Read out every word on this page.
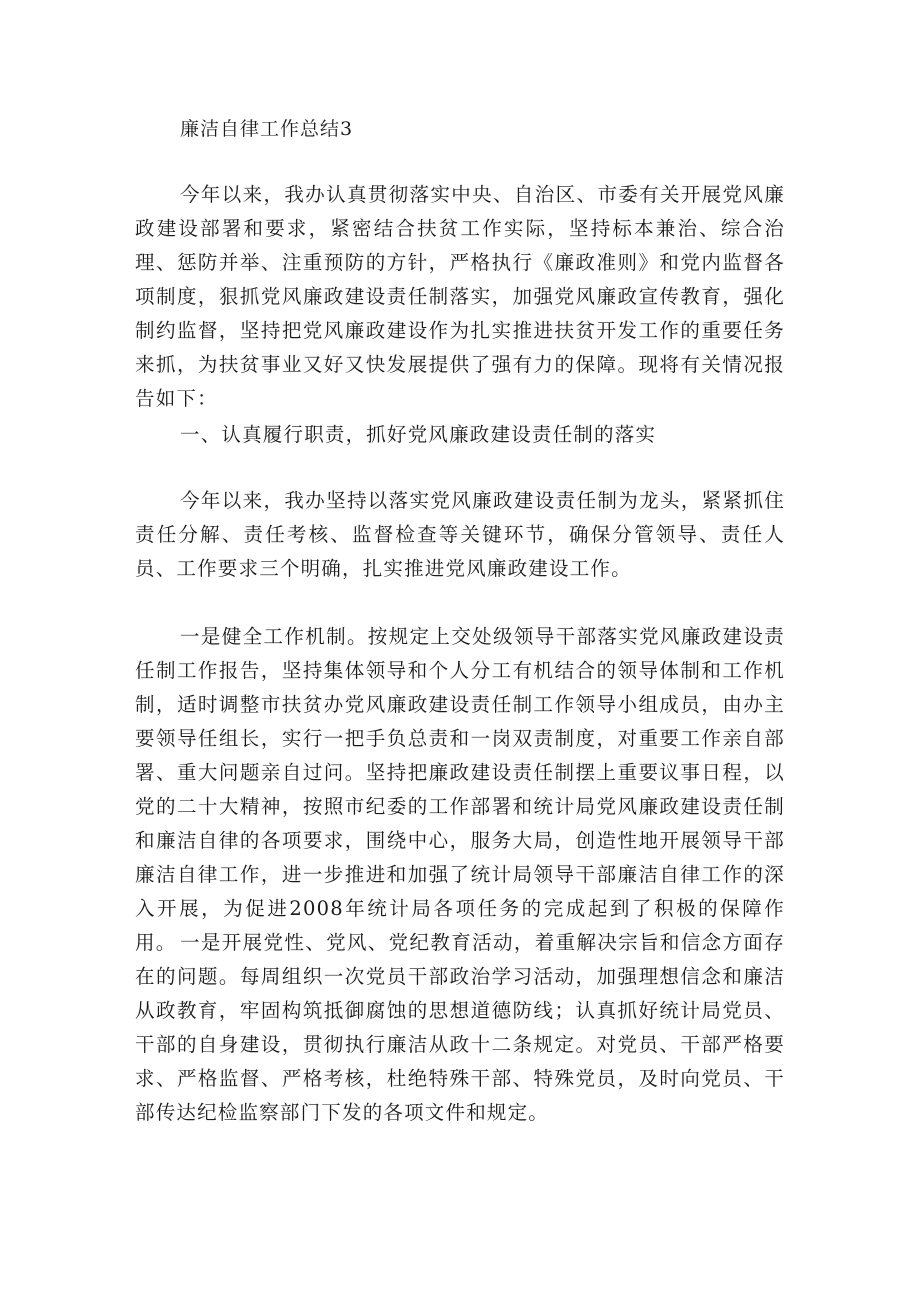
廉洁自律工作总结3

今年以来，我办认真贯彻落实中央、自治区、市委有关开展党风廉政建设部署和要求，紧密结合扶贫工作实际，坚持标本兼治、综合治理、惩防并举、注重预防的方针，严格执行《廉政准则》和党内监督各项制度，狠抓党风廉政建设责任制落实，加强党风廉政宣传教育，强化制约监督，坚持把党风廉政建设作为扎实推进扶贫开发工作的重要任务来抓，为扶贫事业又好又快发展提供了强有力的保障。现将有关情况报告如下：

一、认真履行职责，抓好党风廉政建设责任制的落实

今年以来，我办坚持以落实党风廉政建设责任制为龙头，紧紧抓住责任分解、责任考核、监督检查等关键环节，确保分管领导、责任人员、工作要求三个明确，扎实推进党风廉政建设工作。

一是健全工作机制。按规定上交处级领导干部落实党风廉政建设责任制工作报告，坚持集体领导和个人分工有机结合的领导体制和工作机制，适时调整市扶贫办党风廉政建设责任制工作领导小组成员，由办主要领导任组长，实行一把手负总责和一岗双责制度，对重要工作亲自部署、重大问题亲自过问。坚持把廉政建设责任制摆上重要议事日程，以党的二十大精神，按照市纪委的工作部署和统计局党风廉政建设责任制和廉洁自律的各项要求，围绕中心，服务大局，创造性地开展领导干部廉洁自律工作，进一步推进和加强了统计局领导干部廉洁自律工作的深入开展，为促进2008年统计局各项任务的完成起到了积极的保障作用。 一是开展党性、党风、党纪教育活动，着重解决宗旨和信念方面存在的问题。每周组织一次党员干部政治学习活动，加强理想信念和廉洁从政教育，牢固构筑抵御腐蚀的思想道德防线；认真抓好统计局党员、干部的自身建设，贯彻执行廉洁从政十二条规定。对党员、干部严格要求、严格监督、严格考核，杜绝特殊干部、特殊党员，及时向党员、干部传达纪检监察部门下发的各项文件和规定。
